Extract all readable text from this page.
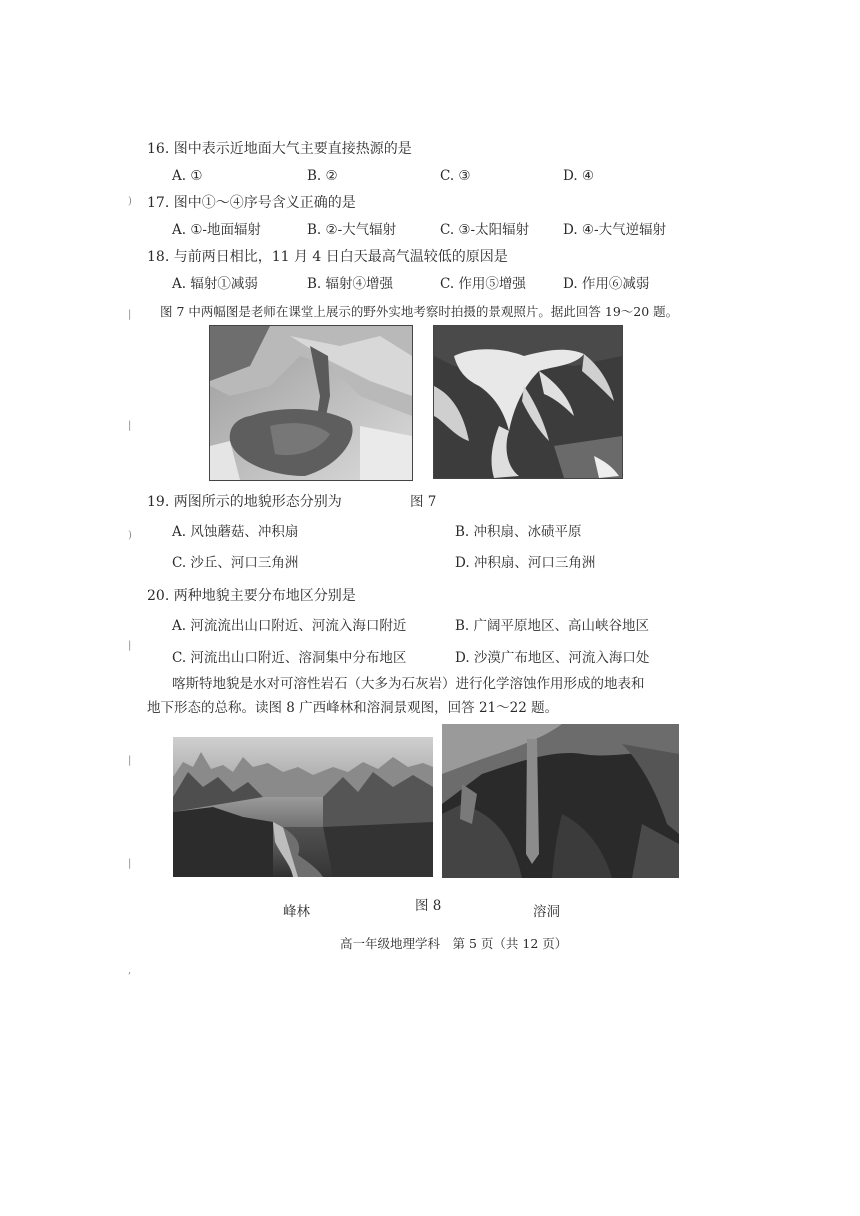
16. 图中表示近地面大气主要直接热源的是
A. ①	B. ②	C. ③	D. ④
) 17. 图中①～④序号含义正确的是
A. ①-地面辐射	B. ②-大气辐射	C. ③-太阳辐射	D. ④-大气逆辐射
18. 与前两日相比，11 月 4 日白天最高气温较低的原因是
A. 辐射①减弱	B. 辐射④增强	C. 作用⑤增强	D. 作用⑥减弱
| 图 7 中两幅图是老师在课堂上展示的野外实地考察时拍摄的景观照片。据此回答 19～20 题。
|
19. 两图所示的地貌形态分别为	图 7
)	A. 风蚀蘑菇、冲积扇	B. 冲积扇、冰碛平原
C. 沙丘、河口三角洲	D. 冲积扇、河口三角洲
20. 两种地貌主要分布地区分别是
A. 河流流出山口附近、河流入海口附近	B. 广阔平原地区、高山峡谷地区
|
C. 河流出山口附近、溶洞集中分布地区	D. 沙漠广布地区、河流入海口处
喀斯特地貌是水对可溶性岩石（大多为石灰岩）进行化学溶蚀作用形成的地表和
地下形态的总称。读图 8 广西峰林和溶洞景观图，回答 21～22 题。
|
|
峰林	图 8	溶洞
高一年级地理学科　第 5 页（共 12 页）
,
